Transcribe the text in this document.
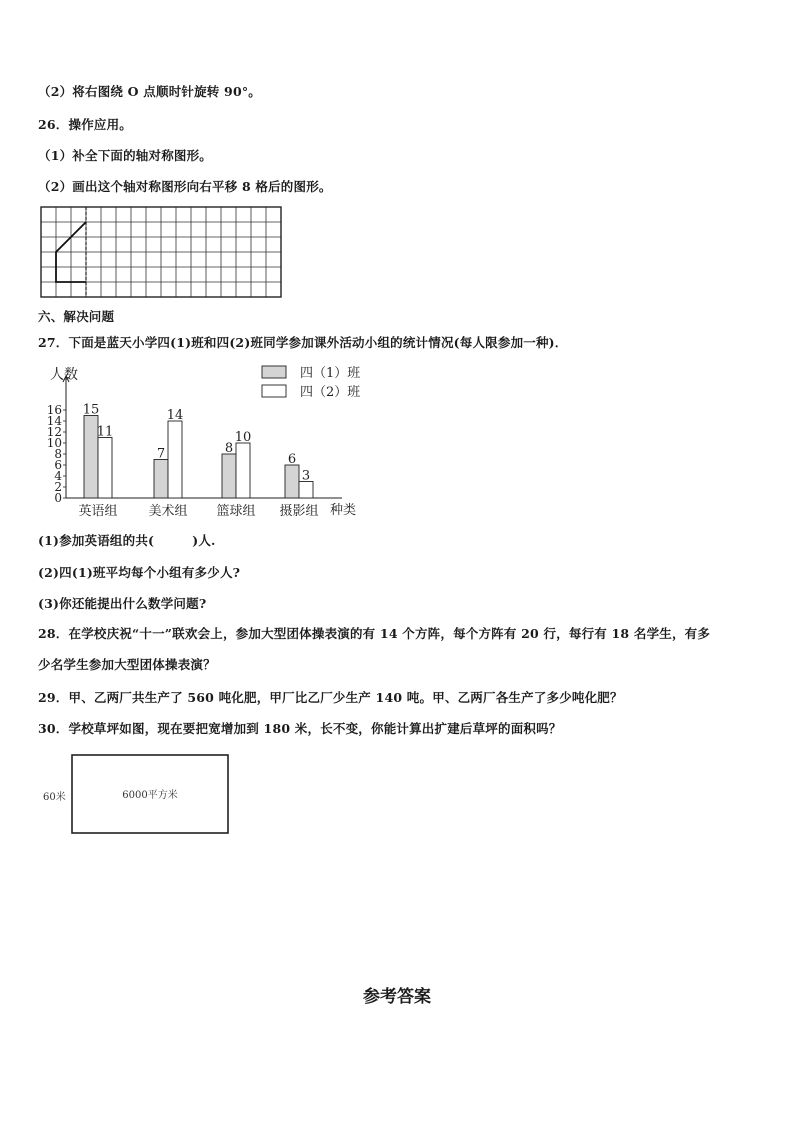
（2）将右图绕 O 点顺时针旋转 90°。
26．操作应用。
（1）补全下面的轴对称图形。
（2）画出这个轴对称图形向右平移 8 格后的图形。
六、解决问题
27．下面是蓝天小学四(1)班和四(2)班同学参加课外活动小组的统计情况(每人限参加一种)．
人数
种类
0
2
4
6
8
10
12
14
16 15
11
英语组
7
14
美术组
8
10
篮球组
6
3
摄影组
四（1）班
四（2）班
(1)参加英语组的共(　　　)人.
(2)四(1)班平均每个小组有多少人?
(3)你还能提出什么数学问题?
28．在学校庆祝“十一”联欢会上，参加大型团体操表演的有 14 个方阵，每个方阵有 20 行，每行有 18 名学生，有多
少名学生参加大型团体操表演？
29．甲、乙两厂共生产了 560 吨化肥，甲厂比乙厂少生产 140 吨。甲、乙两厂各生产了多少吨化肥？
30．学校草坪如图，现在要把宽增加到 180 米，长不变，你能计算出扩建后草坪的面积吗？
60米	6000平方米
参考答案
